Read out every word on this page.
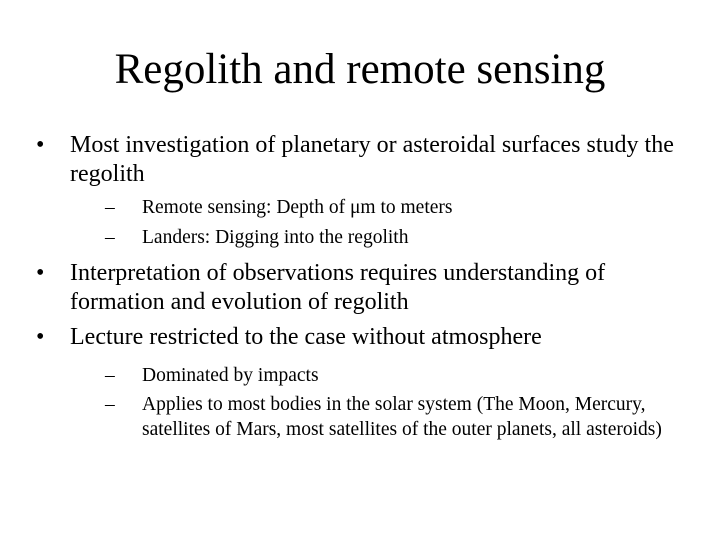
Regolith and remote sensing
•	Most investigation of planetary or asteroidal surfaces study the regolith
–	Remote sensing: Depth of μm to meters
–	Landers: Digging into the regolith
•	Interpretation of observations requires understanding of formation and evolution of regolith
•	Lecture restricted to the case without atmosphere
–	Dominated by impacts
–	Applies to most bodies in the solar system (The Moon, Mercury, satellites of Mars, most satellites of the outer planets, all asteroids)
